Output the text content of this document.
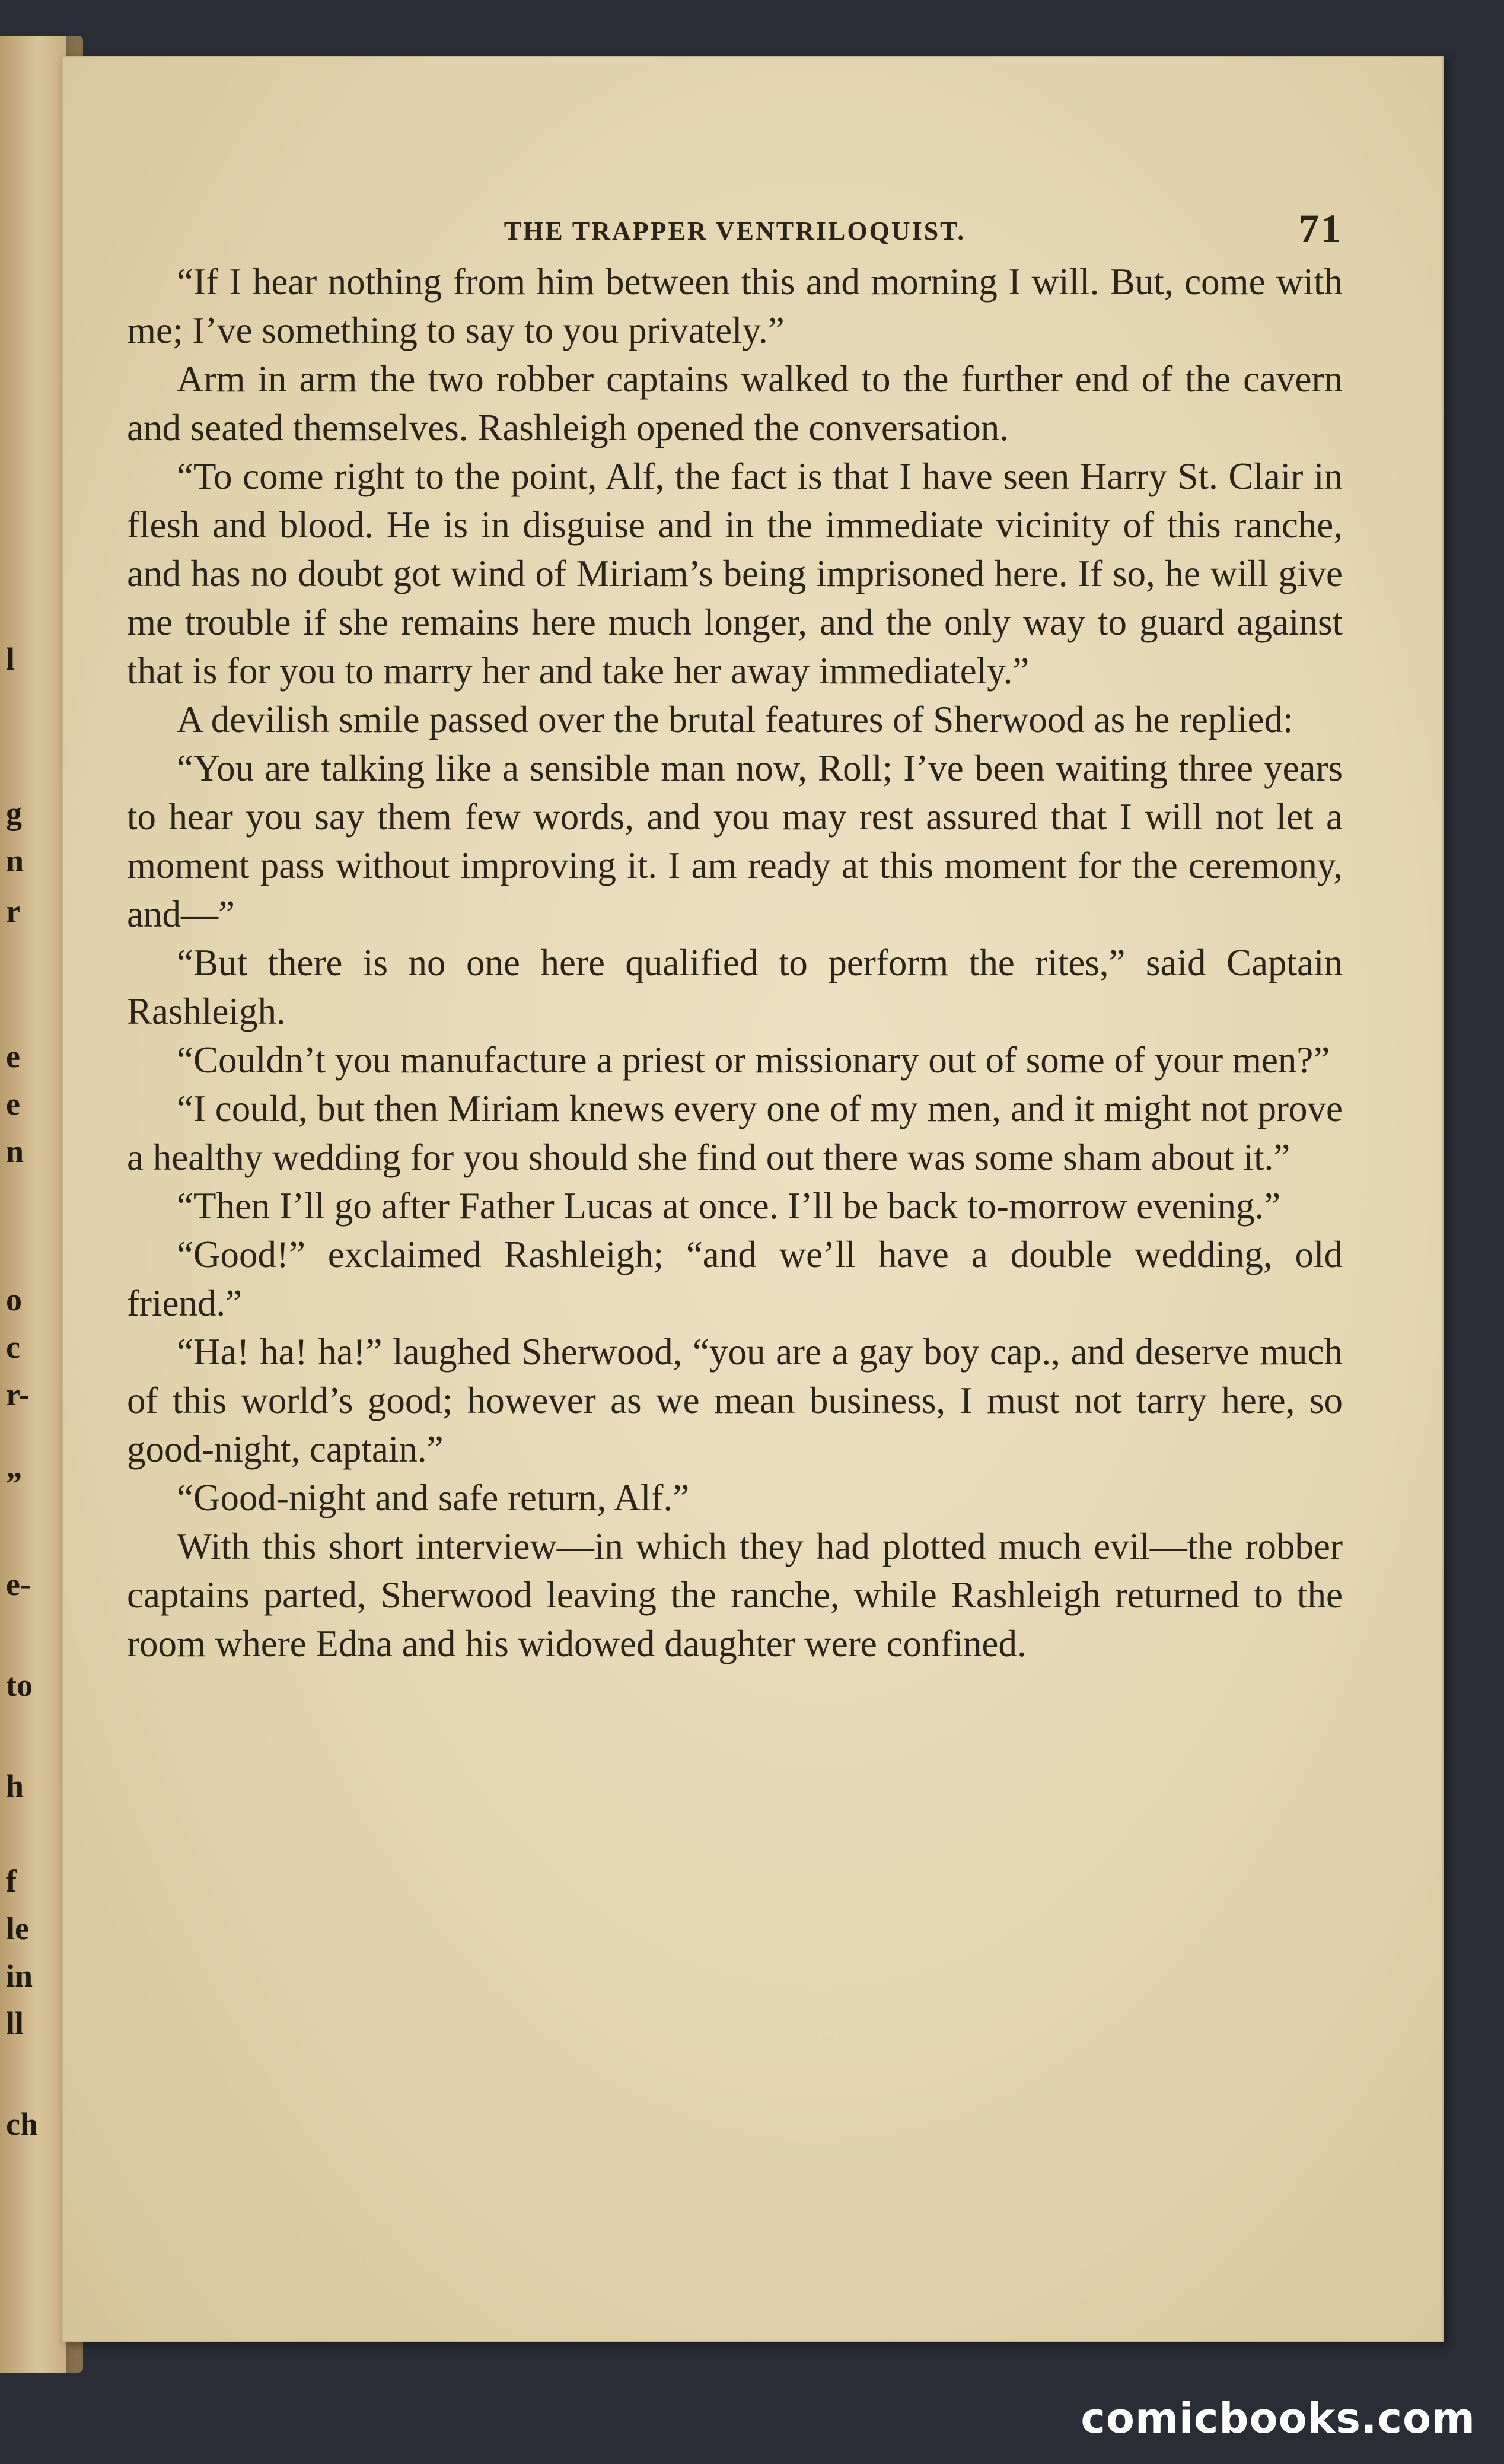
l
g
n
r
e
e
n
o
c
r-
”
e-
to
h
f
le
in
ll
ch
THE TRAPPER VENTRILOQUIST.	71

“If I hear nothing from him between this and morning I will. But, come with me; I’ve something to say to you privately.”

Arm in arm the two robber captains walked to the further end of the cavern and seated themselves. Rashleigh opened the conversation.

“To come right to the point, Alf, the fact is that I have seen Harry St. Clair in flesh and blood. He is in disguise and in the immediate vicinity of this ranche, and has no doubt got wind of Miriam’s being imprisoned here. If so, he will give me trouble if she remains here much longer, and the only way to guard against that is for you to marry her and take her away immediately.”

A devilish smile passed over the brutal features of Sherwood as he replied:

“You are talking like a sensible man now, Roll; I’ve been waiting three years to hear you say them few words, and you may rest assured that I will not let a moment pass without improving it. I am ready at this moment for the ceremony, and—”

“But there is no one here qualified to perform the rites,” said Captain Rashleigh.

“Couldn’t you manufacture a priest or missionary out of some of your men?”

“I could, but then Miriam knews every one of my men, and it might not prove a healthy wedding for you should she find out there was some sham about it.”

“Then I’ll go after Father Lucas at once. I’ll be back to-morrow evening.”

“Good!” exclaimed Rashleigh; “and we’ll have a double wedding, old friend.”

“Ha! ha! ha!” laughed Sherwood, “you are a gay boy cap., and deserve much of this world’s good; however as we mean business, I must not tarry here, so good-night, captain.”

“Good-night and safe return, Alf.”

With this short interview—in which they had plotted much evil—the robber captains parted, Sherwood leaving the ranche, while Rashleigh returned to the room where Edna and his widowed daughter were confined.

comicbooks.com
